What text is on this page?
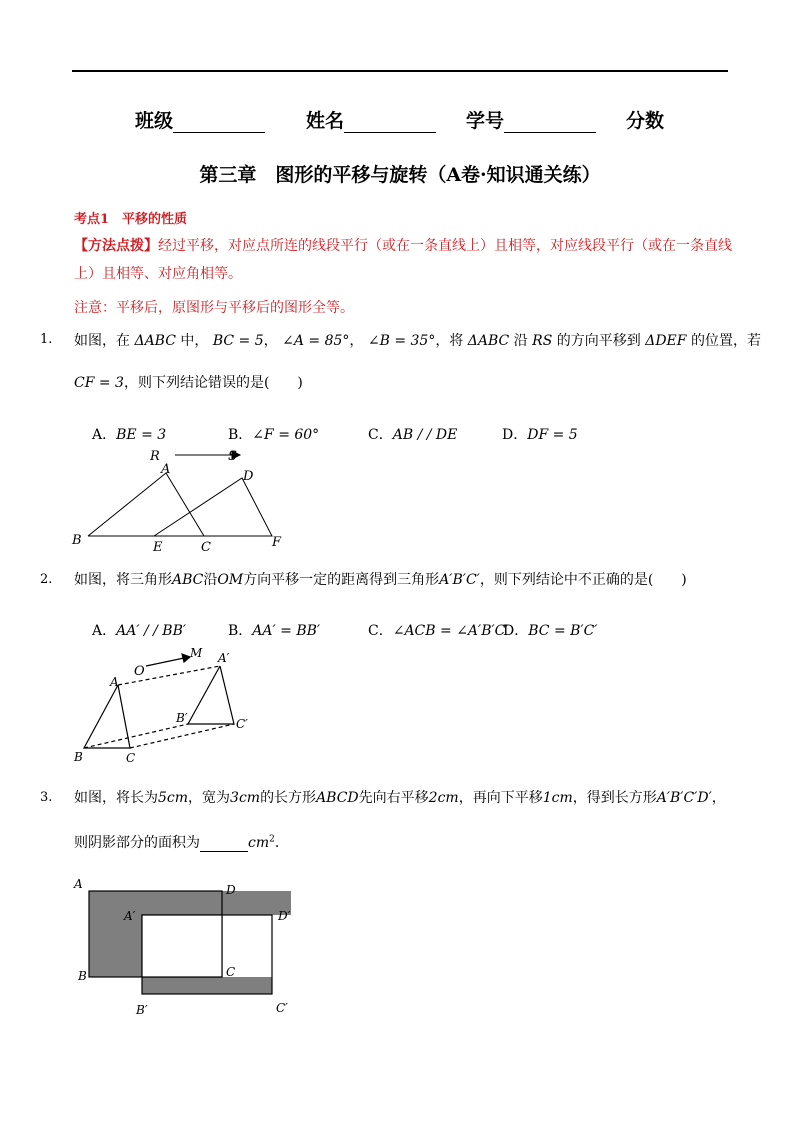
班级	姓名	学号	分数
第三章　图形的平移与旋转（A卷·知识通关练）
考点1　平移的性质
【方法点拨】经过平移，对应点所连的线段平行（或在一条直线上）且相等，对应线段平行（或在一条直线上）且相等、对应角相等。
注意：平移后，原图形与平移后的图形全等。
1. 如图，在 ΔABC 中， BC = 5， ∠A = 85°， ∠B = 35°，将 ΔABC 沿 RS 的方向平移到 ΔDEF 的位置，若
CF = 3，则下列结论错误的是(　　)
A．BE = 3	B．∠F = 60°	C．AB / / DE	D．DF = 5
R	S
A	D
B	E	C	F
2. 如图，将三角形ABC沿OM方向平移一定的距离得到三角形A′B′C′，则下列结论中不正确的是(　　)
A．AA′ / / BB′	B．AA′ = BB′	C．∠ACB = ∠A′B′C′
D．BC = B′C′
O
M
A
A′
B
B′
C
C′
3. 如图，将长为5cm，宽为3cm的长方形ABCD先向右平移2cm，再向下平移1cm，得到长方形A′B′C′D′，
则阴影部分的面积为	$cm^2$．
A	D
A′	D′
B	C
B′	C′
